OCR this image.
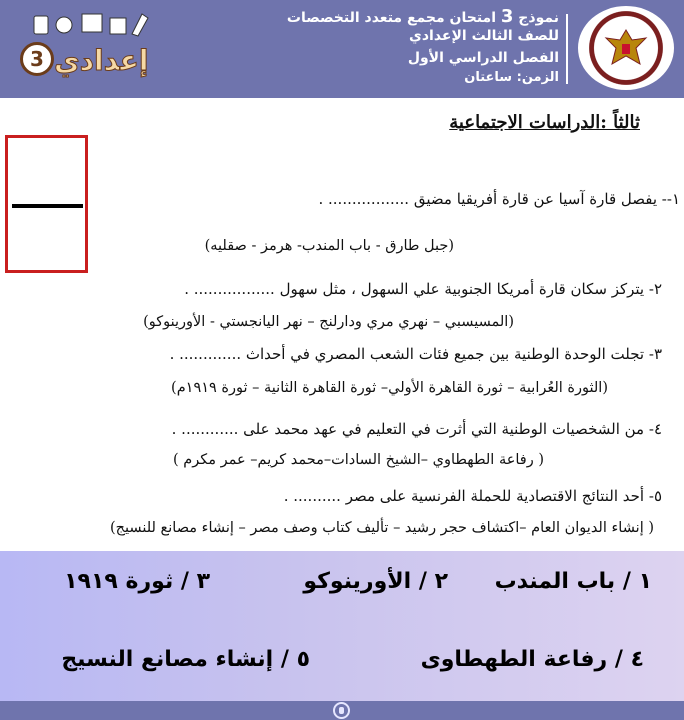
نموذج 3 امتحان مجمع متعدد التخصصات
للصف الثالث الإعدادي
الفصل الدراسي الأول
الزمن: ساعتان
3 إعدادي
ثالثاً :الدراسات الاجتماعية
١-- يفصل قارة آسيا عن قارة أفريقيا مضيق ................. .
(جبل طارق - باب المندب- هرمز - صقليه)
٢- يتركز سكان قارة أمريكا الجنوبية علي السهول ، مثل سهول ................. .
(المسيسبي – نهري مري ودارلنج – نهر اليانجستي - الأورينوكو)
٣- تجلت الوحدة الوطنية بين جميع فئات الشعب المصري في أحداث ............. .
(الثورة العُرابية – ثورة القاهرة الأولي– ثورة القاهرة الثانية – ثورة ١٩١٩م)
٤- من الشخصيات الوطنية التي أثرت في التعليم في عهد محمد على ............ .
( رفاعة الطهطاوي –الشيخ السادات–محمد كريم– عمر مكرم )
٥- أحد النتائج الاقتصادية للحملة الفرنسية على مصر .......... .
( إنشاء الديوان العام –اكتشاف حجر رشيد – تأليف كتاب وصف مصر – إنشاء مصانع للنسيج)
١ / باب المندب
٢ / الأورينوكو
٣ / ثورة ١٩١٩
٤ / رفاعة الطهطاوى
٥ / إنشاء مصانع النسيج
